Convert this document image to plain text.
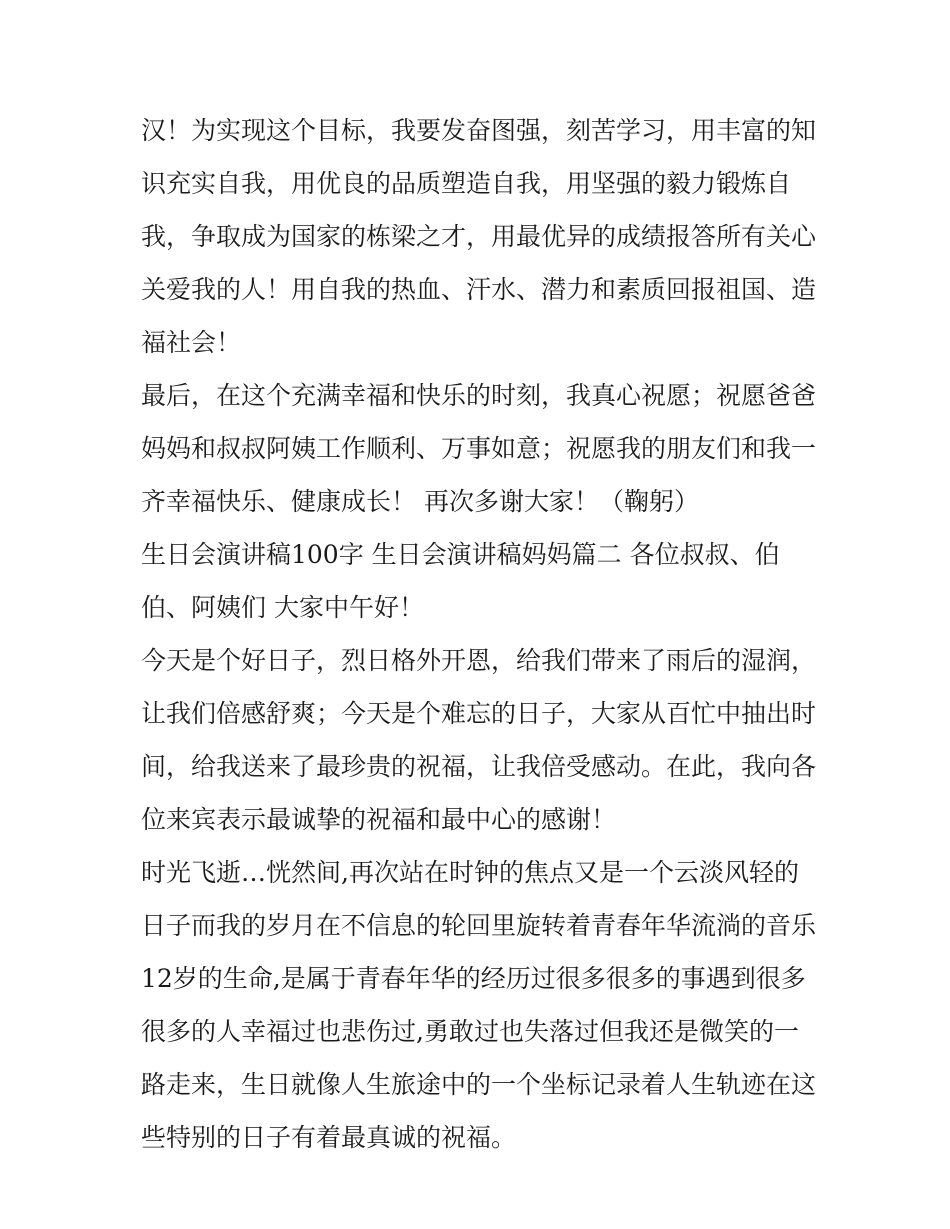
汉！为实现这个目标，我要发奋图强，刻苦学习，用丰富的知
识充实自我，用优良的品质塑造自我，用坚强的毅力锻炼自
我，争取成为国家的栋梁之才，用最优异的成绩报答所有关心
关爱我的人！用自我的热血、汗水、潜力和素质回报祖国、造
福社会！
最后，在这个充满幸福和快乐的时刻，我真心祝愿；祝愿爸爸
妈妈和叔叔阿姨工作顺利、万事如意；祝愿我的朋友们和我一
齐幸福快乐、健康成长！ 再次多谢大家！（鞠躬）
生日会演讲稿100字 生日会演讲稿妈妈篇二 各位叔叔、伯
伯、阿姨们 大家中午好！
今天是个好日子，烈日格外开恩，给我们带来了雨后的湿润，
让我们倍感舒爽；今天是个难忘的日子，大家从百忙中抽出时
间，给我送来了最珍贵的祝福，让我倍受感动。在此，我向各
位来宾表示最诚挚的祝福和最中心的感谢！
时光飞逝…恍然间,再次站在时钟的焦点又是一个云淡风轻的
日子而我的岁月在不信息的轮回里旋转着青春年华流淌的音乐
12岁的生命,是属于青春年华的经历过很多很多的事遇到很多
很多的人幸福过也悲伤过,勇敢过也失落过但我还是微笑的一
路走来，生日就像人生旅途中的一个坐标记录着人生轨迹在这
些特别的日子有着最真诚的祝福。
